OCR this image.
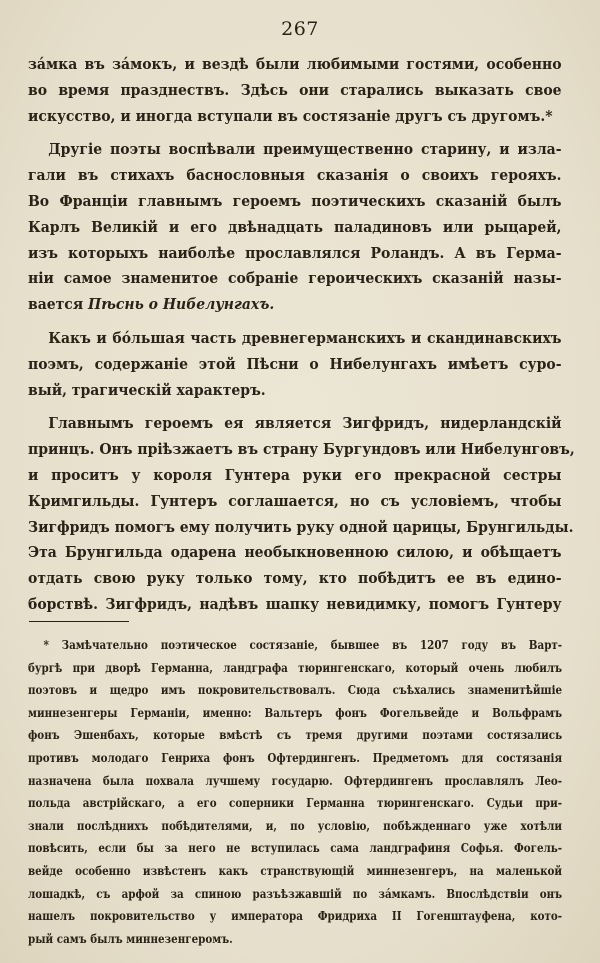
267
зáмка въ зáмокъ, и вездѣ были любимыми гостями, особенно
во время празднествъ. Здѣсь они старались выказать свое
искусство, и иногда вступали въ состязаніе другъ съ другомъ.*
Другіе поэты воспѣвали преимущественно старину, и изла-
гали въ стихахъ баснословныя сказанія о своихъ герояхъ.
Во Франціи главнымъ героемъ поэтическихъ сказаній былъ
Карлъ Великій и его двѣнадцать паладиновъ или рыцарей,
изъ которыхъ наиболѣе прославлялся Роландъ. А въ Герма-
ніи самое знаменитое собраніе героическихъ сказаній назы-
вается Пѣснь о Нибелунгахъ.
Какъ и бóльшая часть древнегерманскихъ и скандинавскихъ
поэмъ, содержаніе этой Пѣсни о Нибелунгахъ имѣетъ суро-
вый, трагическій характеръ.
Главнымъ героемъ ея является Зигфридъ, нидерландскій
принцъ. Онъ пріѣзжаетъ въ страну Бургундовъ или Нибелунговъ,
и проситъ у короля Гунтера руки его прекрасной сестры
Кримгильды. Гунтеръ соглашается, но съ условіемъ, чтобы
Зигфридъ помогъ ему получить руку одной царицы, Брунгильды.
Эта Брунгильда одарена необыкновенною силою, и обѣщаетъ
отдать свою руку только тому, кто побѣдитъ ее въ едино-
борствѣ. Зигфридъ, надѣвъ шапку невидимку, помогъ Гунтеру
* Замѣчательно поэтическое состязаніе, бывшее въ 1207 году въ Варт-
бургѣ при дворѣ Германна, ландграфа тюрингенскаго, который очень любилъ
поэтовъ и щедро имъ покровительствовалъ. Сюда съѣхались знаменитѣйшіе
миннезенгеры Германіи, именно: Вальтеръ фонъ Фогельвейде и Вольфрамъ
фонъ Эшенбахъ, которые вмѣстѣ съ тремя другими поэтами состязались
противъ молодаго Генриха фонъ Офтердингенъ. Предметомъ для состязанія
назначена была похвала лучшему государю. Офтердингенъ прославлялъ Лео-
польда австрійскаго, а его соперники Германна тюрингенскаго. Судьи при-
знали послѣднихъ побѣдителями, и, по условію, побѣжденнаго уже хотѣли
повѣсить, если бы за него не вступилась сама ландграфиня Софья. Фогель-
вейде особенно извѣстенъ какъ странствующій миннезенгеръ, на маленькой
лошадкѣ, съ арфой за спиною разъѣзжавшій по зáмкамъ. Впослѣдствіи онъ
нашелъ покровительство у императора Фридриха II Гогенштауфена, кото-
рый самъ былъ миннезенгеромъ.
